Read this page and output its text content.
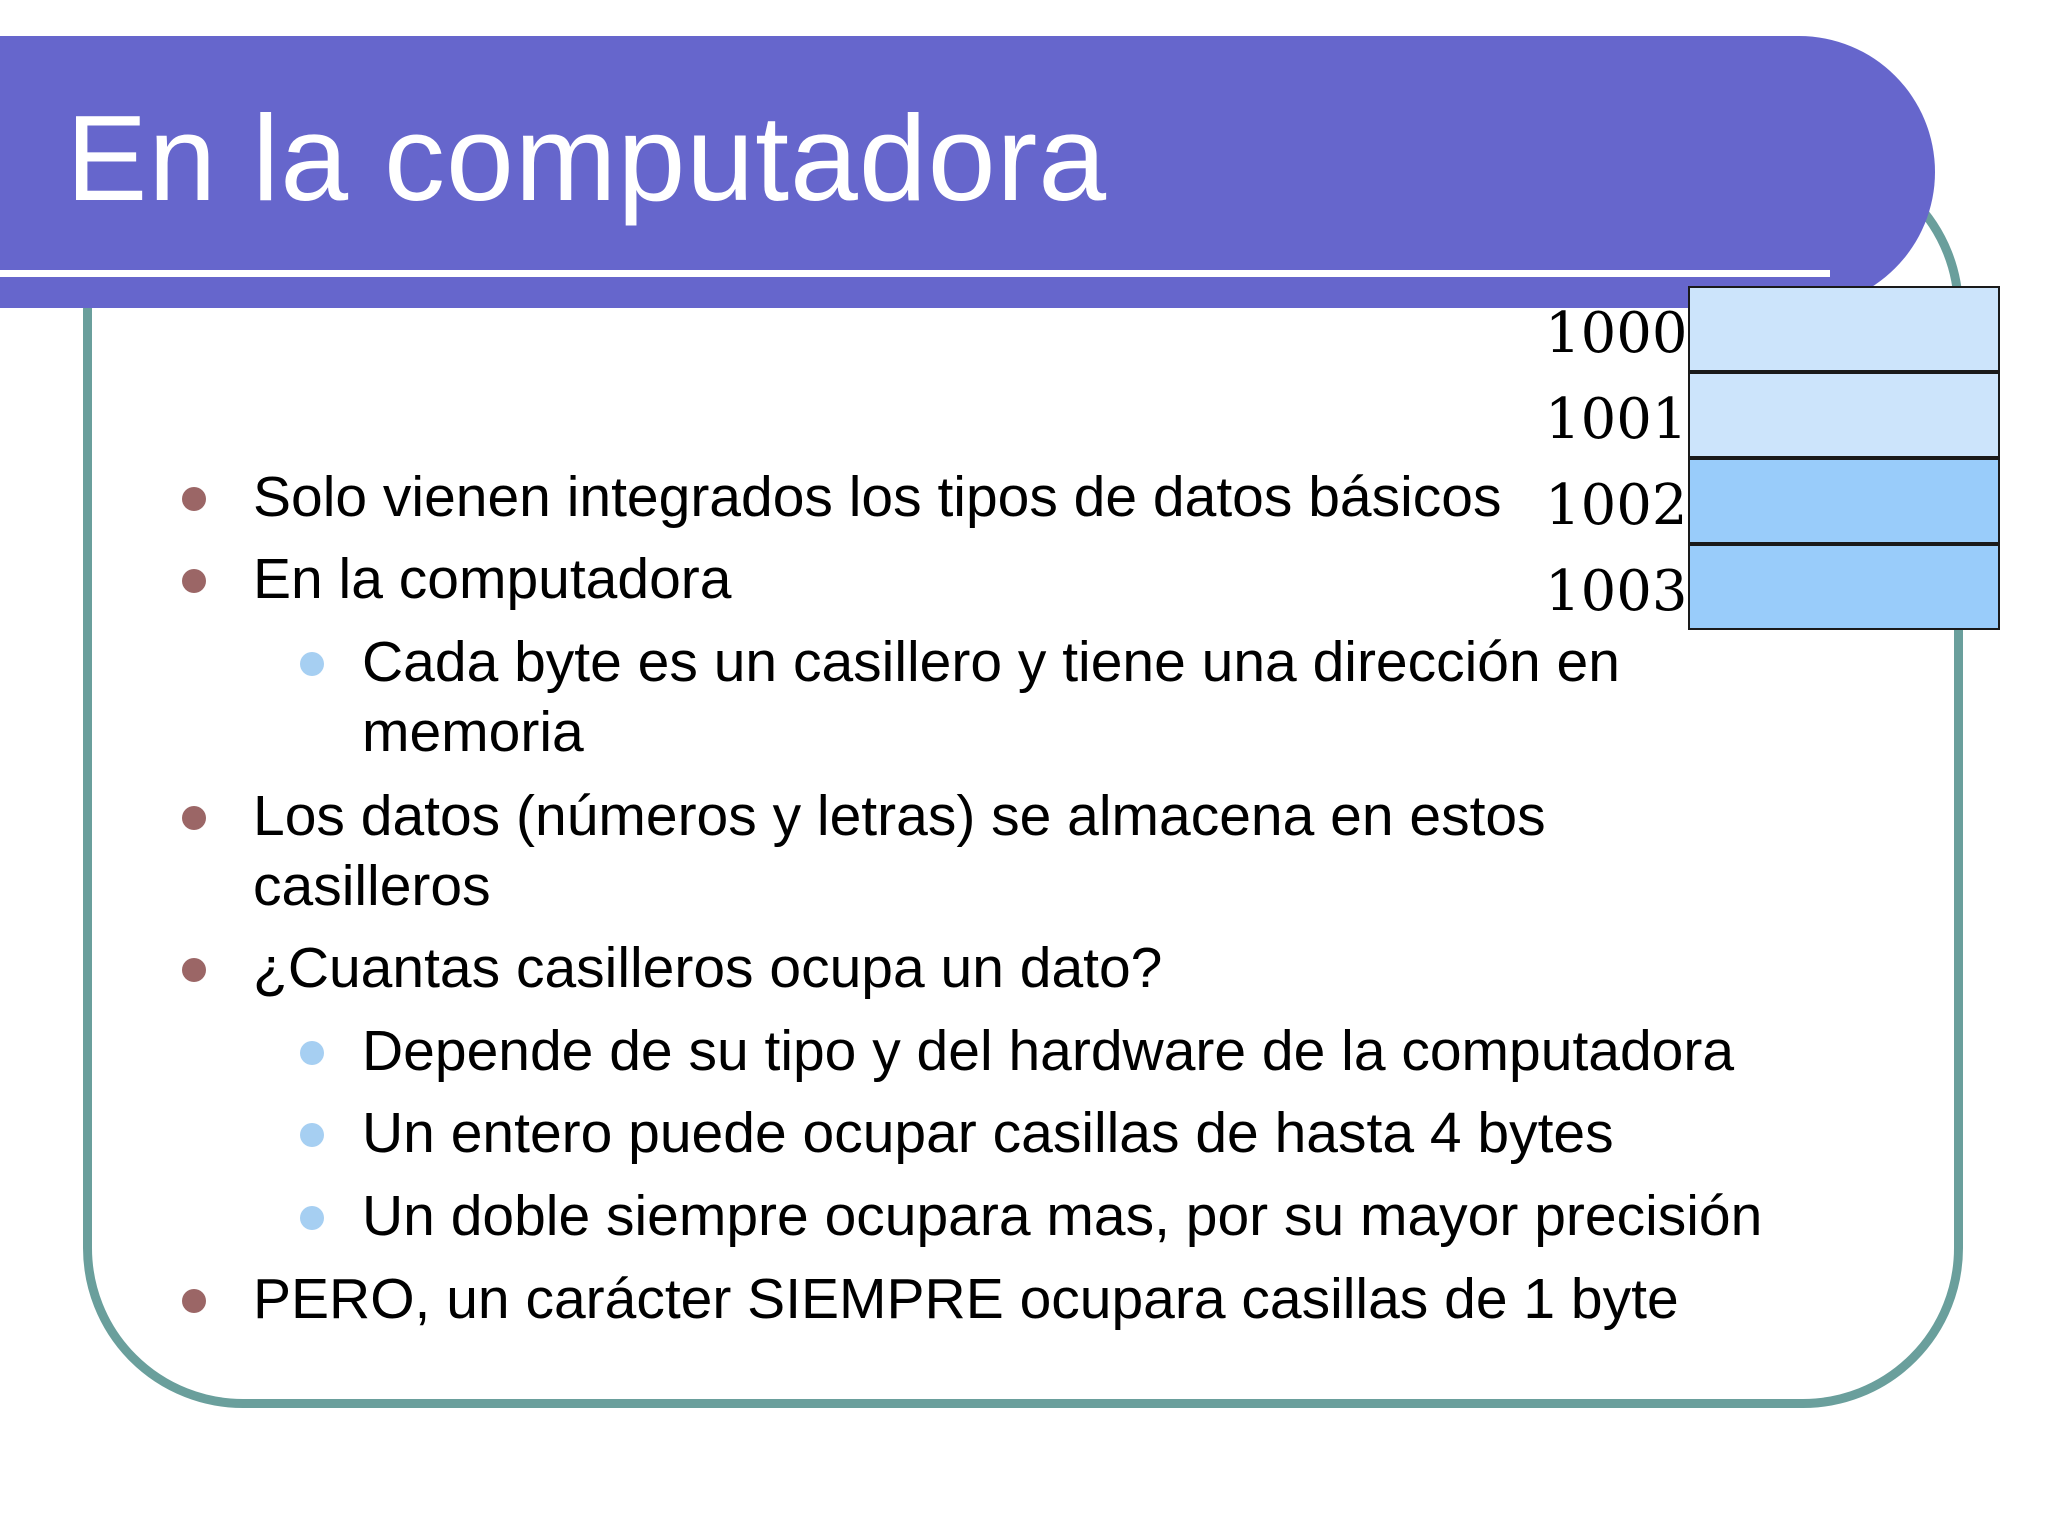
En la computadora
1000
1001
1002
1003
Solo vienen integrados los tipos de datos básicos
En la computadora
Cada byte es un casillero y tiene una dirección en
memoria
Los datos (números y letras) se almacena en estos
casilleros
¿Cuantas casilleros ocupa un dato?
Depende de su tipo y del hardware de la computadora
Un entero puede ocupar casillas de hasta 4 bytes
Un doble siempre ocupara mas, por su mayor precisión
PERO, un carácter SIEMPRE ocupara casillas de 1 byte
